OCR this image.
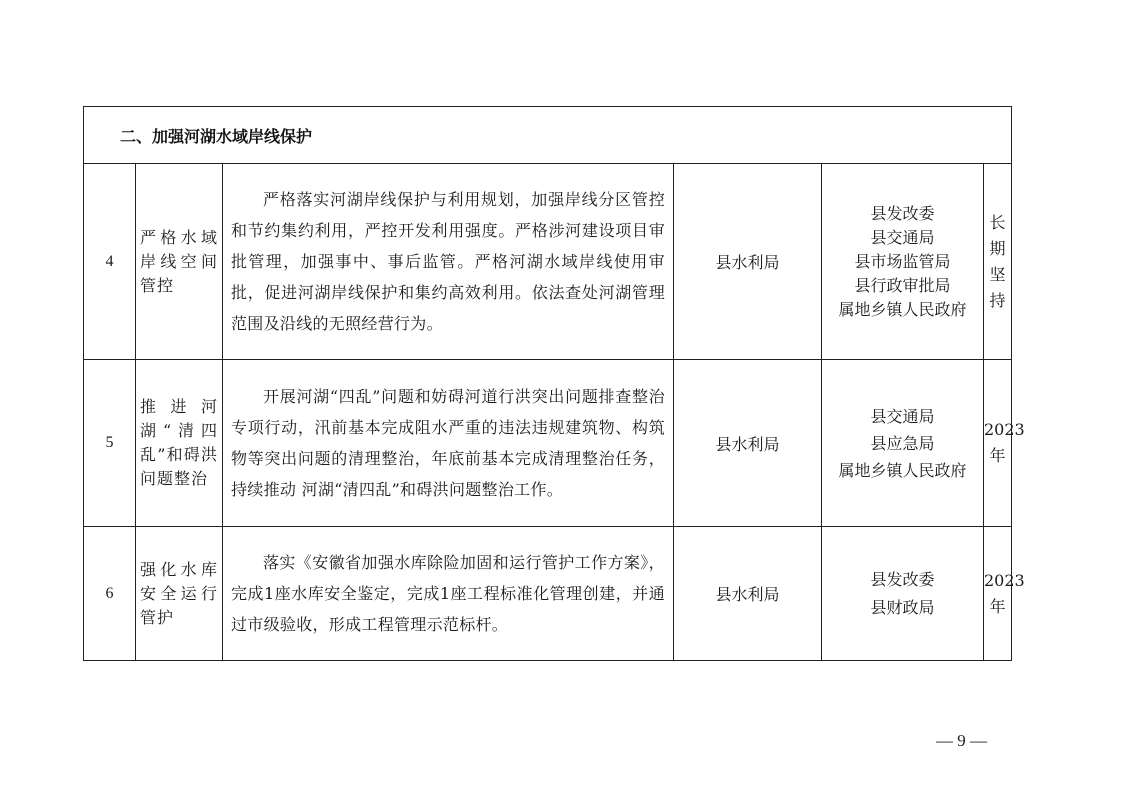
二、加强河湖水域岸线保护					
4	严格水域岸线空间管控	严格落实河湖岸线保护与利用规划，加强岸线分区管控和节约集约利用，严控开发利用强度。严格涉河建设项目审批管理，加强事中、事后监管。严格河湖水域岸线使用审批，促进河湖岸线保护和集约高效利用。依法查处河湖管理范围及沿线的无照经营行为。	县水利局	县发改委
县交通局
县市场监管局
县行政审批局
属地乡镇人民政府	长期
坚持

5	推进河湖“清四乱”和碍洪问题整治	开展河湖“四乱”问题和妨碍河道行洪突出问题排查整治专项行动，汛前基本完成阻水严重的违法违规建筑物、构筑物等突出问题的清理整治，年底前基本完成清理整治任务，持续推动 河湖“清四乱”和碍洪问题整治工作。	县水利局	县交通局
县应急局
属地乡镇人民政府	2023
年

6	强化水库安全运行管护	落实《安徽省加强水库除险加固和运行管护工作方案》，完成1座水库安全鉴定，完成1座工程标准化管理创建，并通过市级验收，形成工程管理示范标杆。	县水利局	县发改委
县财政局	2023
年
— 9 —
